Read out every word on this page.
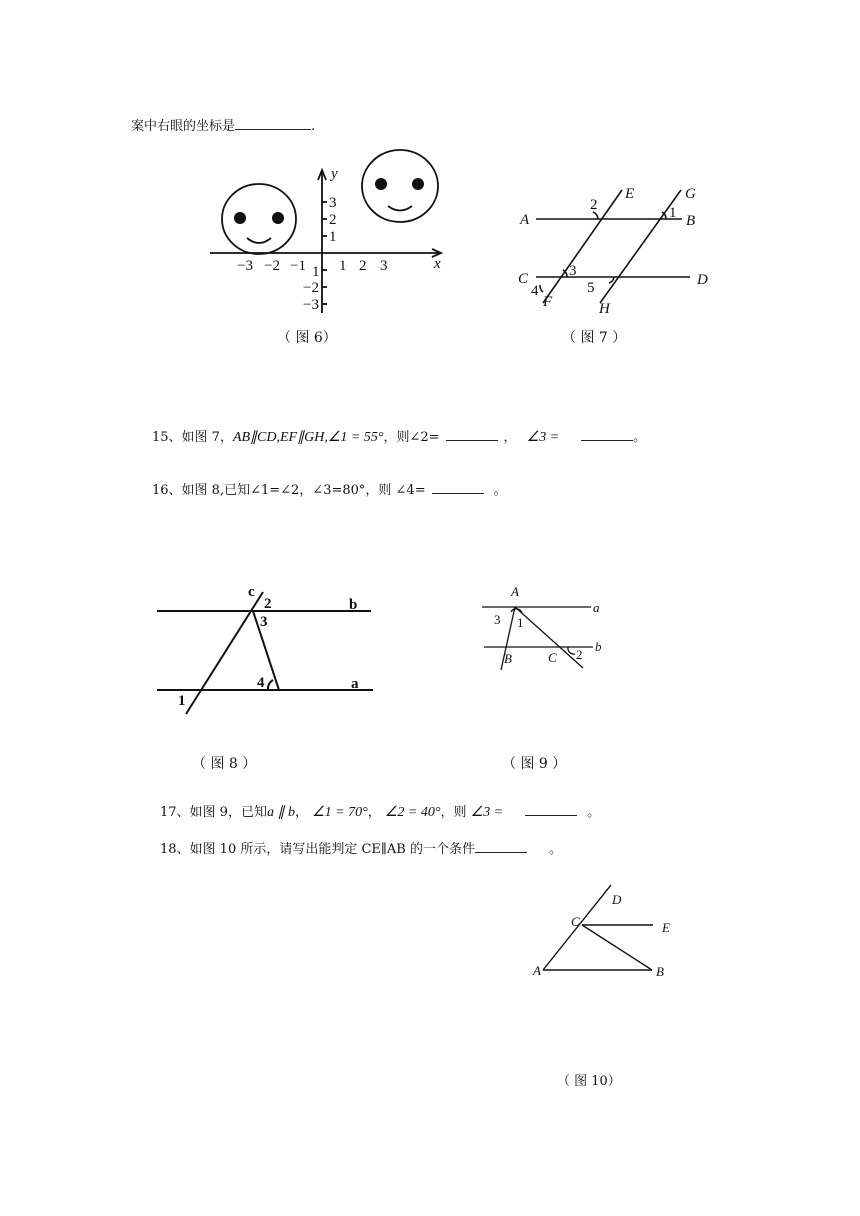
案中右眼的坐标是	.
y
x
3
2
1
1
−2
−3
−3 −2 −1 1 2 3
（ 图 6）
A	B
C	D
E
F
G
H
1
2
3
4	5
（ 图 7 ）
15、如图 7，AB∥CD,EF∥GH,∠1 = 55°，则∠2=	， ∠3 =	。
16、如图 8,已知∠1=∠2，∠3=80°，则 ∠4=	。
c
b
a
2
3
4
1
（ 图 8 ）
A
B	C
a
b
1
2
3
（ 图 9 ）
17、如图 9，已知a ∥ b， ∠1 = 70°， ∠2 = 40°，则 ∠3 =	。
18、如图 10 所示，请写出能判定 CE∥AB 的一个条件	。
A	B
C
D
E
（ 图 10）
